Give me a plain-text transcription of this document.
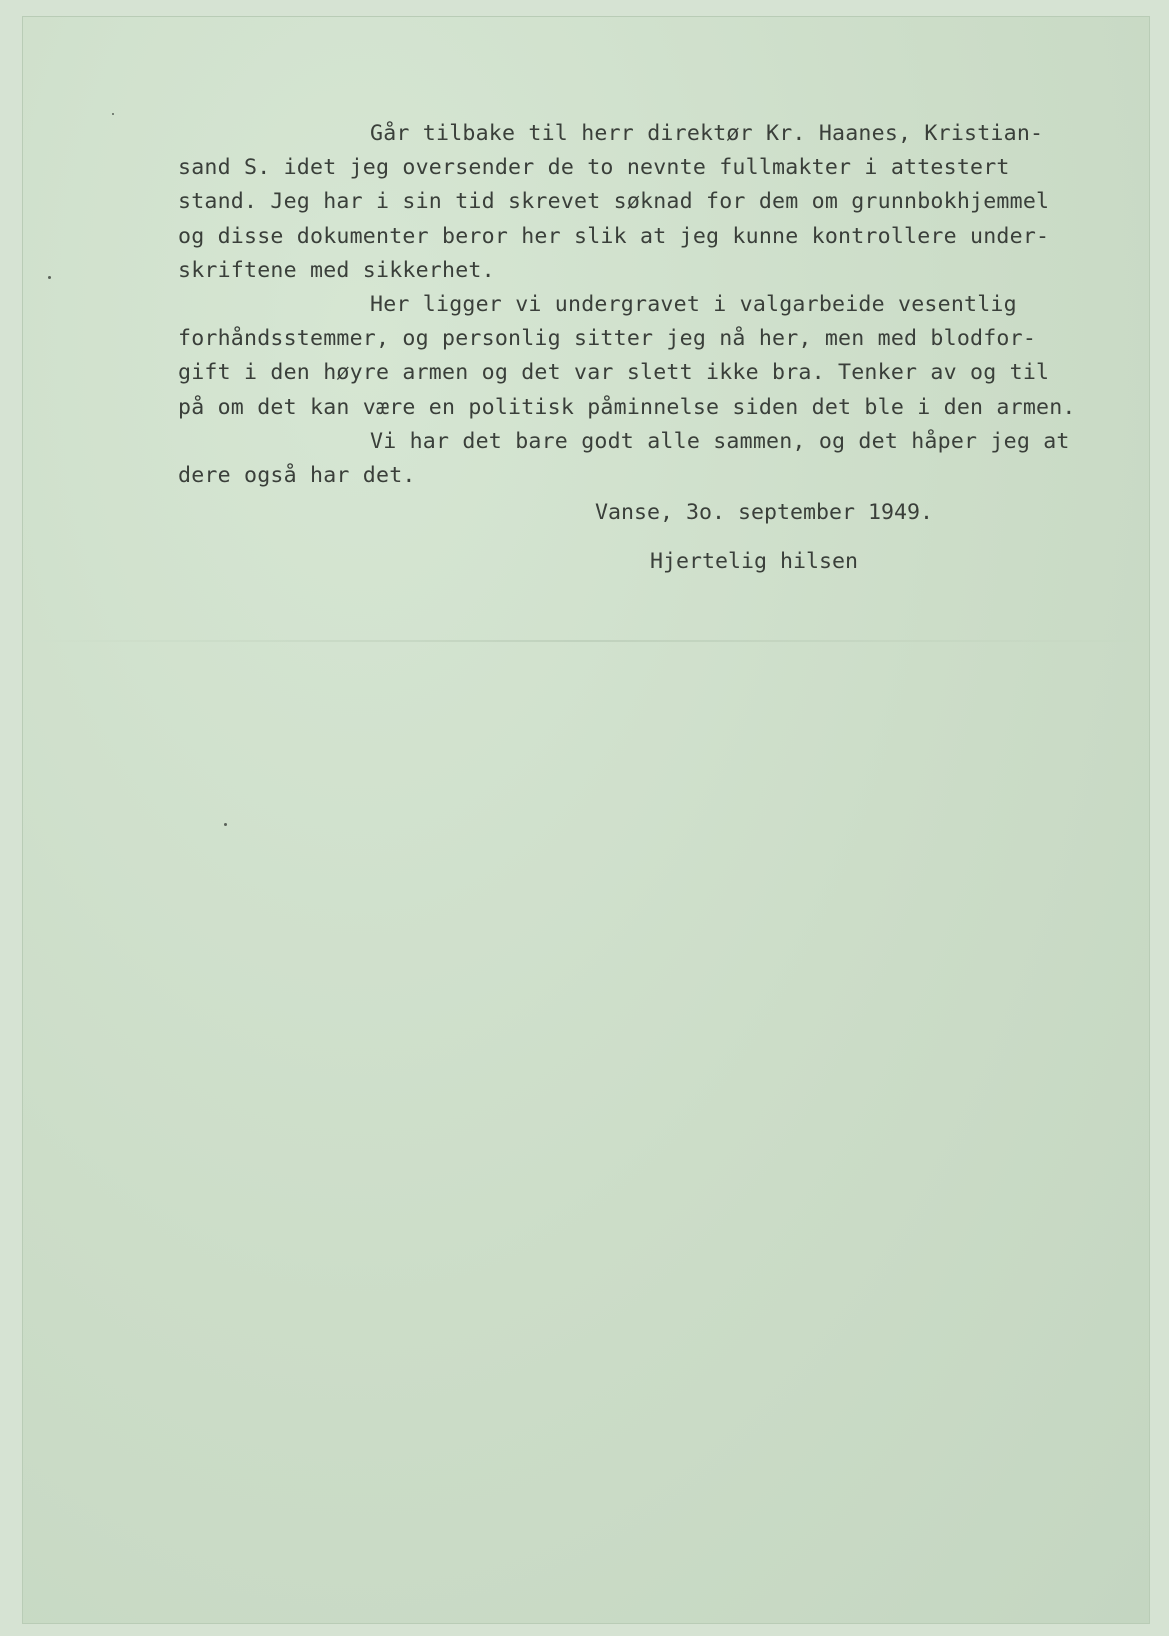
Går tilbake til herr direktør Kr. Haanes, Kristian-
sand S. idet jeg oversender de to nevnte fullmakter i attestert
stand. Jeg har i sin tid skrevet søknad for dem om grunnbokhjemmel
og disse dokumenter beror her slik at jeg kunne kontrollere under-
skriftene med sikkerhet.
Her ligger vi undergravet i valgarbeide vesentlig
forhåndsstemmer, og personlig sitter jeg nå her, men med blodfor-
gift i den høyre armen og det var slett ikke bra. Tenker av og til
på om det kan være en politisk påminnelse siden det ble i den armen.
Vi har det bare godt alle sammen, og det håper jeg at
dere også har det.
Vanse, 3o. september 1949.
Hjertelig hilsen
